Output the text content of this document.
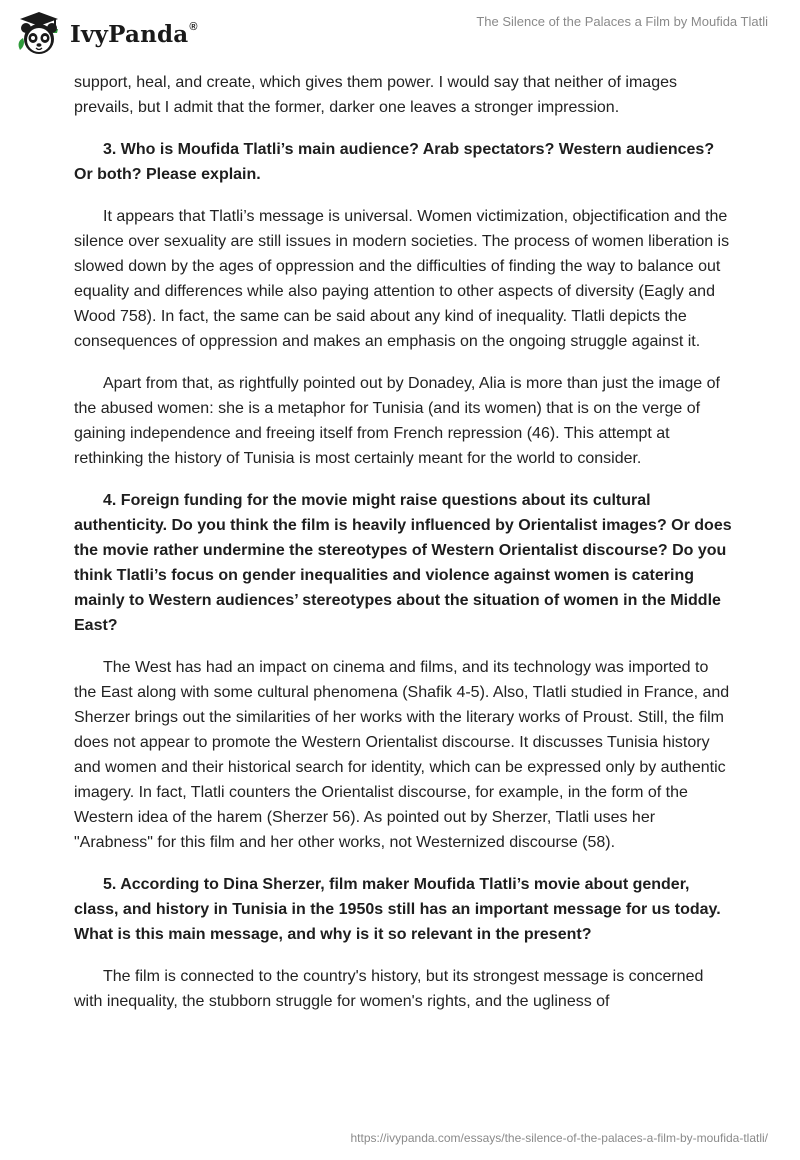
IvyPanda®	The Silence of the Palaces a Film by Moufida Tlatli

support, heal, and create, which gives them power. I would say that neither of images prevails, but I admit that the former, darker one leaves a stronger impression.

3. Who is Moufida Tlatli’s main audience? Arab spectators? Western audiences? Or both? Please explain.

It appears that Tlatli’s message is universal. Women victimization, objectification and the silence over sexuality are still issues in modern societies. The process of women liberation is slowed down by the ages of oppression and the difficulties of finding the way to balance out equality and differences while also paying attention to other aspects of diversity (Eagly and Wood 758). In fact, the same can be said about any kind of inequality. Tlatli depicts the consequences of oppression and makes an emphasis on the ongoing struggle against it.

Apart from that, as rightfully pointed out by Donadey, Alia is more than just the image of the abused women: she is a metaphor for Tunisia (and its women) that is on the verge of gaining independence and freeing itself from French repression (46). This attempt at rethinking the history of Tunisia is most certainly meant for the world to consider.

4. Foreign funding for the movie might raise questions about its cultural authenticity. Do you think the film is heavily influenced by Orientalist images? Or does the movie rather undermine the stereotypes of Western Orientalist discourse? Do you think Tlatli’s focus on gender inequalities and violence against women is catering mainly to Western audiences’ stereotypes about the situation of women in the Middle East?

The West has had an impact on cinema and films, and its technology was imported to the East along with some cultural phenomena (Shafik 4-5). Also, Tlatli studied in France, and Sherzer brings out the similarities of her works with the literary works of Proust. Still, the film does not appear to promote the Western Orientalist discourse. It discusses Tunisia history and women and their historical search for identity, which can be expressed only by authentic imagery. In fact, Tlatli counters the Orientalist discourse, for example, in the form of the Western idea of the harem (Sherzer 56). As pointed out by Sherzer, Tlatli uses her "Arabness" for this film and her other works, not Westernized discourse (58).

5. According to Dina Sherzer, film maker Moufida Tlatli’s movie about gender, class, and history in Tunisia in the 1950s still has an important message for us today. What is this main message, and why is it so relevant in the present?

The film is connected to the country's history, but its strongest message is concerned with inequality, the stubborn struggle for women's rights, and the ugliness of

https://ivypanda.com/essays/the-silence-of-the-palaces-a-film-by-moufida-tlatli/
